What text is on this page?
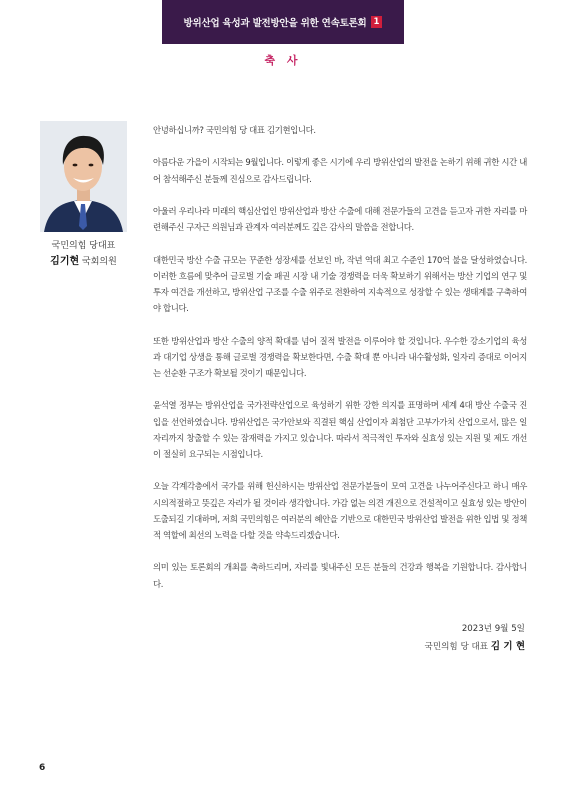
방위산업 육성과 발전방안을 위한 연속토론회 1
축 사
국민의힘 당대표
김기현 국회의원

안녕하십니까? 국민의힘 당 대표 김기현입니다.

아름다운 가을이 시작되는 9월입니다. 이렇게 좋은 시기에 우리 방위산업의 발전을 논하기 위해 귀한 시간 내어 참석해주신 분들께 진심으로 감사드립니다.

아울러 우리나라 미래의 핵심산업인 방위산업과 방산 수출에 대해 전문가들의 고견을 듣고자 귀한 자리를 마련해주신 구자근 의원님과 관계자 여러분께도 깊은 감사의 말씀을 전합니다.

대한민국 방산 수출 규모는 꾸준한 성장세를 선보인 바, 작년 역대 최고 수준인 170억 불을 달성하였습니다. 이러한 흐름에 맞추어 글로벌 기술 패권 시장 내 기술 경쟁력을 더욱 확보하기 위해서는 방산 기업의 연구 및 투자 여건을 개선하고, 방위산업 구조를 수출 위주로 전환하여 지속적으로 성장할 수 있는 생태계를 구축하여야 합니다.

또한 방위산업과 방산 수출의 양적 확대를 넘어 질적 발전을 이루어야 할 것입니다. 우수한 강소기업의 육성과 대기업 상생을 통해 글로벌 경쟁력을 확보한다면, 수출 확대 뿐 아니라 내수활성화, 일자리 증대로 이어지는 선순환 구조가 확보될 것이기 때문입니다.

윤석열 정부는 방위산업을 국가전략산업으로 육성하기 위한 강한 의지를 표명하며 세계 4대 방산 수출국 진입을 선언하였습니다. 방위산업은 국가안보와 직결된 핵심 산업이자 최첨단 고부가가치 산업으로서, 많은 일자리까지 창출할 수 있는 잠재력을 가지고 있습니다. 따라서 적극적인 투자와 실효성 있는 지원 및 제도 개선이 절실히 요구되는 시점입니다.

오늘 각계각층에서 국가를 위해 헌신하시는 방위산업 전문가분들이 모여 고견을 나누어주신다고 하니 매우 시의적절하고 뜻깊은 자리가 될 것이라 생각합니다. 가감 없는 의견 개진으로 건설적이고 실효성 있는 방안이 도출되길 기대하며, 저희 국민의힘은 여러분의 혜안을 기반으로 대한민국 방위산업 발전을 위한 입법 및 정책적 역할에 최선의 노력을 다할 것을 약속드리겠습니다.

의미 있는 토론회의 개최를 축하드리며, 자리를 빛내주신 모든 분들의 건강과 행복을 기원합니다. 감사합니다.

2023년 9월 5일
국민의힘 당 대표 김 기 현
6
